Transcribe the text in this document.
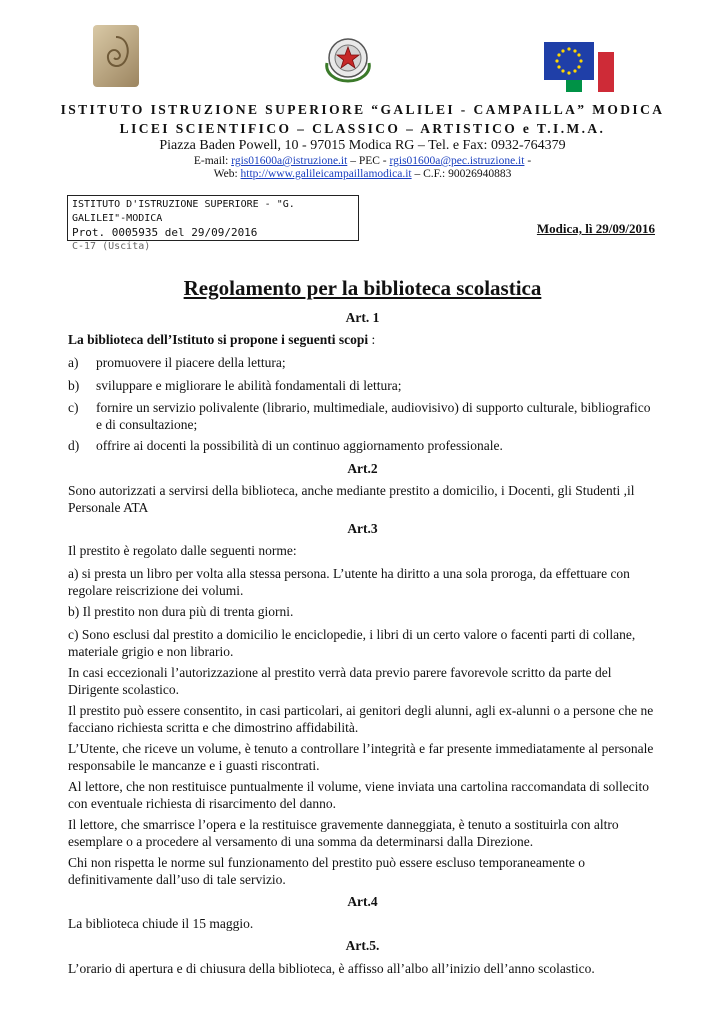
ISTITUTO ISTRUZIONE SUPERIORE “GALILEI - CAMPAILLA” MODICA
LICEI SCIENTIFICO – CLASSICO – ARTISTICO e T.I.M.A.
Piazza Baden Powell, 10 - 97015 Modica RG – Tel. e Fax: 0932-764379
E-mail: rgis01600a@istruzione.it – PEC - rgis01600a@pec.istruzione.it -
Web: http://www.galileicampaillamodica.it – C.F.: 90026940883
ISTITUTO D'ISTRUZIONE SUPERIORE - "G. GALILEI"-MODICA
Prot. 0005935 del 29/09/2016
C-17 (Uscita)
Modica, lì 29/09/2016
Regolamento per la biblioteca scolastica
Art. 1
La biblioteca dell’Istituto si propone i seguenti scopi :
a)	promuovere il piacere della lettura;
b)	sviluppare e migliorare le abilità fondamentali di lettura;
c)	fornire un servizio polivalente (librario, multimediale, audiovisivo) di supporto culturale, bibliografico e di consultazione;
d)	offrire ai docenti la possibilità di un continuo aggiornamento professionale.
Art.2
Sono autorizzati a servirsi della biblioteca, anche mediante prestito a domicilio, i Docenti, gli Studenti ,il Personale ATA
Art.3
Il prestito è regolato dalle seguenti norme:
a) si presta un libro per volta alla stessa persona. L’utente ha diritto a una sola proroga, da effettuare con regolare reiscrizione dei volumi.
b) Il prestito non dura più di trenta giorni.
c) Sono esclusi dal prestito a domicilio le enciclopedie, i libri di un certo valore o facenti parti di collane, materiale grigio e non librario.
In casi eccezionali l’autorizzazione al prestito verrà data previo parere favorevole scritto da parte del Dirigente scolastico.
Il prestito può essere consentito, in casi particolari, ai genitori degli alunni, agli ex-alunni o a persone che ne facciano richiesta scritta e che dimostrino affidabilità.
L’Utente, che riceve un volume, è tenuto a controllare l’integrità e far presente immediatamente al personale responsabile le mancanze e i guasti riscontrati.
Al lettore, che non restituisce puntualmente il volume, viene inviata una cartolina raccomandata di sollecito con eventuale richiesta di risarcimento del danno.
Il lettore, che smarrisce l’opera e la restituisce gravemente danneggiata, è tenuto a sostituirla con altro esemplare o a procedere al versamento di una somma da determinarsi dalla Direzione.
Chi non rispetta le norme sul funzionamento del prestito può essere escluso temporaneamente o definitivamente dall’uso di tale servizio.
Art.4
La biblioteca chiude il 15 maggio.
Art.5.
L’orario di apertura e di chiusura della biblioteca, è affisso all’albo all’inizio dell’anno scolastico.
